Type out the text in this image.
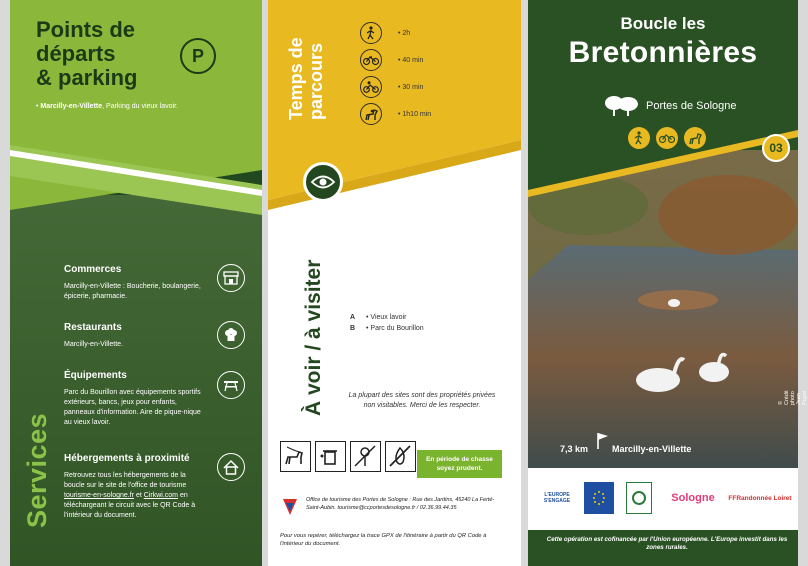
Points de
départs
& parking
P
• Marcilly-en-Villette, Parking du vieux lavoir.
Services
Commerces
Marcilly-en-Villette : Boucherie, boulangerie, épicerie, pharmacie.
Restaurants
Marcilly-en-Villette.
Équipements
Parc du Bourillon avec équipements sportifs extérieurs, bancs, jeux pour enfants, panneaux d'information. Aire de pique-nique au vieux lavoir.
Hébergements à proximité
Retrouvez tous les hébergements de la boucle sur le site de l'office de tourisme tourisme-en-sologne.fr et Cirkwi.com en téléchargeant le circuit avec le QR Code à l'intérieur du document.
Temps de parcours
• 2h
• 40 min
• 30 min
• 1h10 min
À voir / à visiter	A • Vieux lavoir
B • Parc du Bourillon
La plupart des sites sont des propriétés privées non visitables. Merci de les respecter.
En période de chasse soyez prudent.
Office de tourisme des Portes de Sologne : Rue des Jardins, 45240 La Ferté-Saint-Aubin. tourisme@ccportesdesologne.fr / 02.36.99.44.35
Pour vous repérer, téléchargez la trace GPX de l'itinéraire à partir du QR Code à l'intérieur du document.
Boucle les
Bretonnières
Portes de Sologne
03
© Crédit photo Jean Puyot
7,3 km	Marcilly-en-Villette
L'EUROPE S'ENGAGE	Sologne	FFRandonnée Loiret
Cette opération est cofinancée par l'Union européenne. L'Europe investit dans les zones rurales.
